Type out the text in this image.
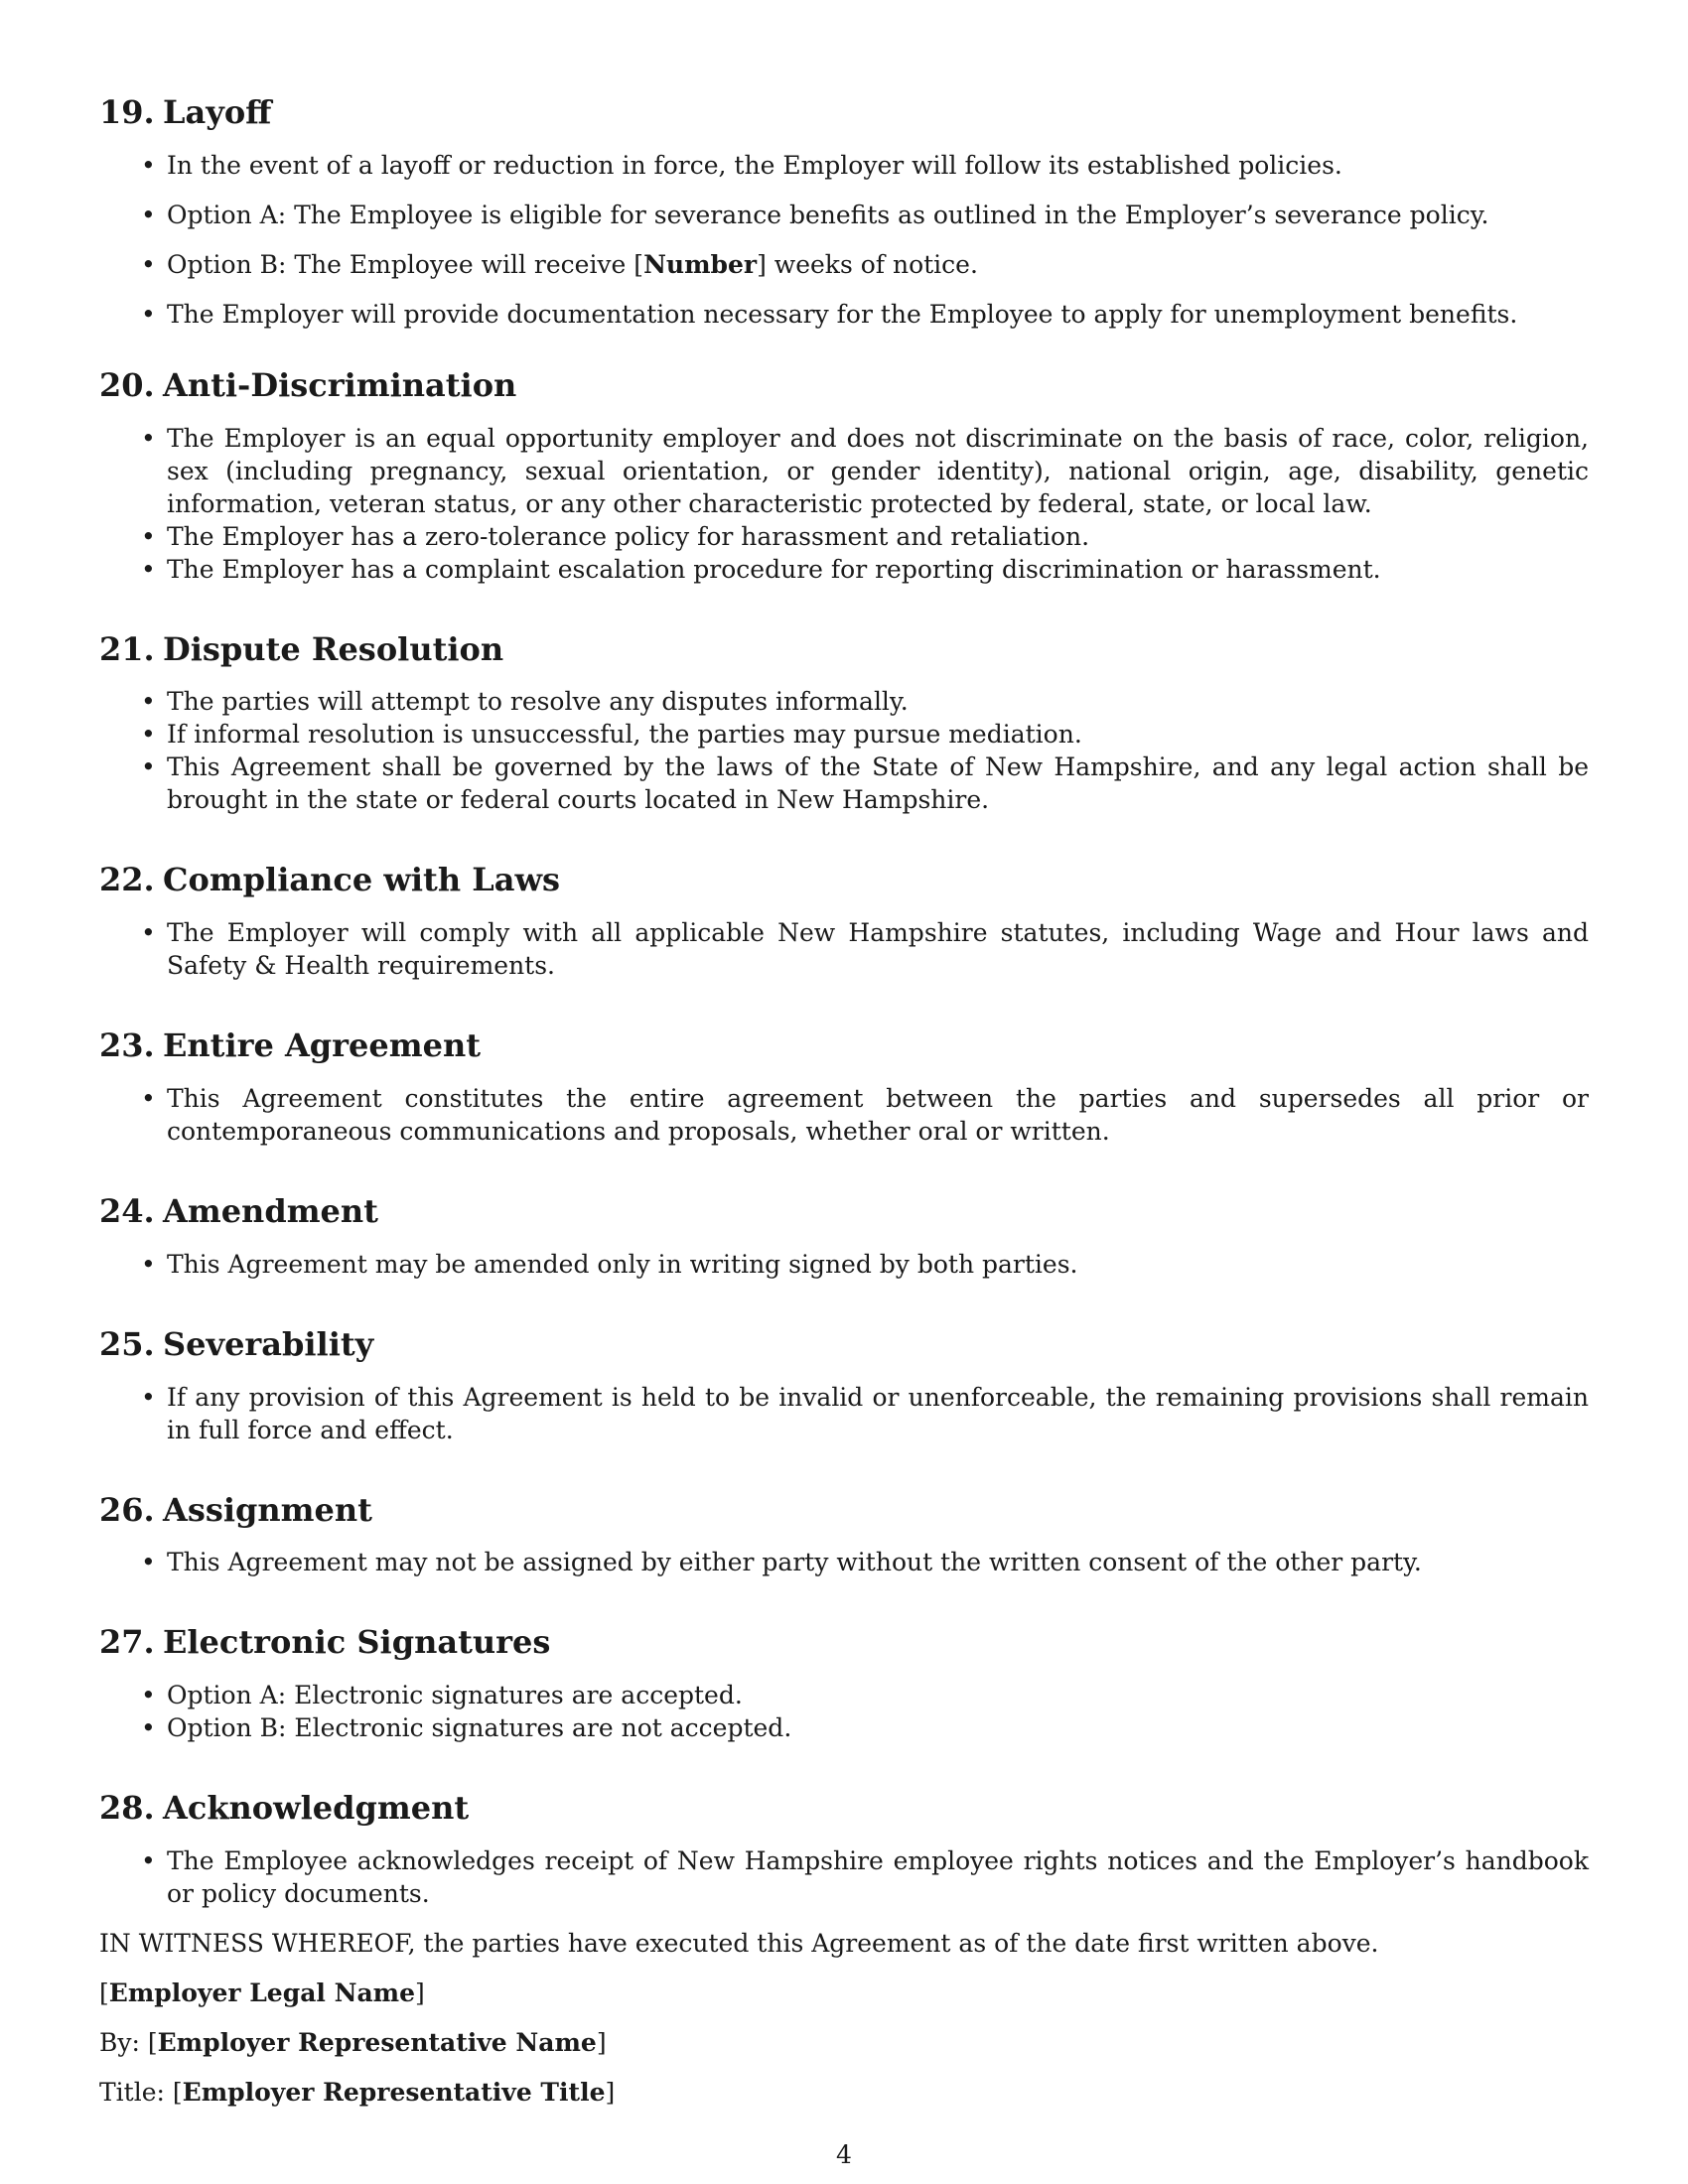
19. Layoff
• In the event of a layoff or reduction in force, the Employer will follow its established policies.
• Option A: The Employee is eligible for severance benefits as outlined in the Employer’s severance policy.
• Option B: The Employee will receive [Number] weeks of notice.
• The Employer will provide documentation necessary for the Employee to apply for unemployment benefits.
20. Anti-Discrimination
• The Employer is an equal opportunity employer and does not discriminate on the basis of race, color, religion, sex (including pregnancy, sexual orientation, or gender identity), national origin, age, disability, genetic information, veteran status, or any other characteristic protected by federal, state, or local law.
• The Employer has a zero-tolerance policy for harassment and retaliation.
• The Employer has a complaint escalation procedure for reporting discrimination or harassment.
21. Dispute Resolution
• The parties will attempt to resolve any disputes informally.
• If informal resolution is unsuccessful, the parties may pursue mediation.
• This Agreement shall be governed by the laws of the State of New Hampshire, and any legal action shall be brought in the state or federal courts located in New Hampshire.
22. Compliance with Laws
• The Employer will comply with all applicable New Hampshire statutes, including Wage and Hour laws and Safety & Health requirements.
23. Entire Agreement
• This Agreement constitutes the entire agreement between the parties and supersedes all prior or contemporaneous communications and proposals, whether oral or written.
24. Amendment
• This Agreement may be amended only in writing signed by both parties.
25. Severability
• If any provision of this Agreement is held to be invalid or unenforceable, the remaining provisions shall remain in full force and effect.
26. Assignment
• This Agreement may not be assigned by either party without the written consent of the other party.
27. Electronic Signatures
• Option A: Electronic signatures are accepted.
• Option B: Electronic signatures are not accepted.
28. Acknowledgment
• The Employee acknowledges receipt of New Hampshire employee rights notices and the Employer’s handbook or policy documents.

IN WITNESS WHEREOF, the parties have executed this Agreement as of the date first written above.

[Employer Legal Name]

By: [Employer Representative Name]

Title: [Employer Representative Title]

4
